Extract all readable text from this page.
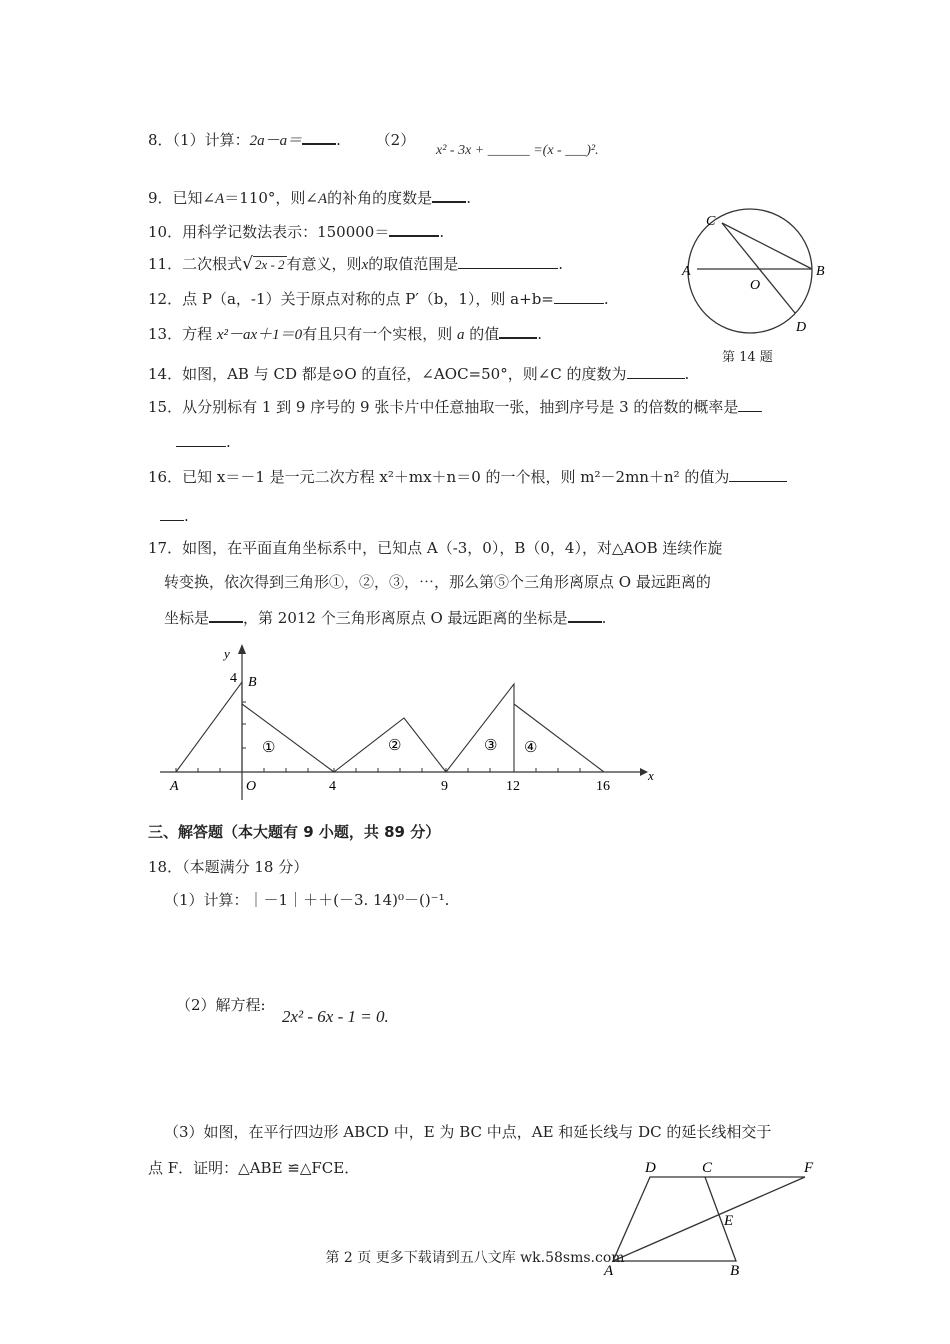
8．（1）计算：2a－a＝ . （2）
x² - 3x + ______ =(x - ___)².
9．已知∠A＝110°，则∠A的补角的度数是 .
10．用科学记数法表示：150000＝	.
11．二次根式√ 2x - 2 有意义，则x的取值范围是	.
12．点 P（a，-1）关于原点对称的点 P′（b，1），则 a+b=	.
13．方程 x²－ax＋1＝0有且只有一个实根，则 a 的值	.
A	B
C
D
O
第 14 题
14．如图，AB 与 CD 都是⊙O 的直径，∠AOC=50°，则∠C 的度数为	.
15．从分别标有 1 到 9 序号的 9 张卡片中任意抽取一张，抽到序号是 3 的倍数的概率是
.
16．已知 x＝－1 是一元二次方程 x²＋mx＋n＝0 的一个根，则 m²－2mn＋n² 的值为
.
17．如图，在平面直角坐标系中，已知点 A（-3，0），B（0，4），对△AOB 连续作旋
转变换，依次得到三角形①，②，③，⋯，那么第⑤个三角形离原点 O 最远距离的
坐标是 ，第 2012 个三角形离原点 O 最远距离的坐标是 .
y
x
4 B
A	O	4	9	12	16
①	②	③ ④
三、解答题（本大题有 9 小题，共 89 分）
18．（本题满分 18 分）
（1）计算：｜－1｜＋＋(－3. 14)⁰－()⁻¹.
（2）解方程:
2x² - 6x - 1 = 0.
（3）如图，在平行四边形 ABCD 中，E 为 BC 中点，AE 和延长线与 DC 的延长线相交于
点 F．证明：△ABE ≌△FCE．	D	C	F
E
A	B
第 2 页 更多下载请到五八文库 wk.58sms.com
